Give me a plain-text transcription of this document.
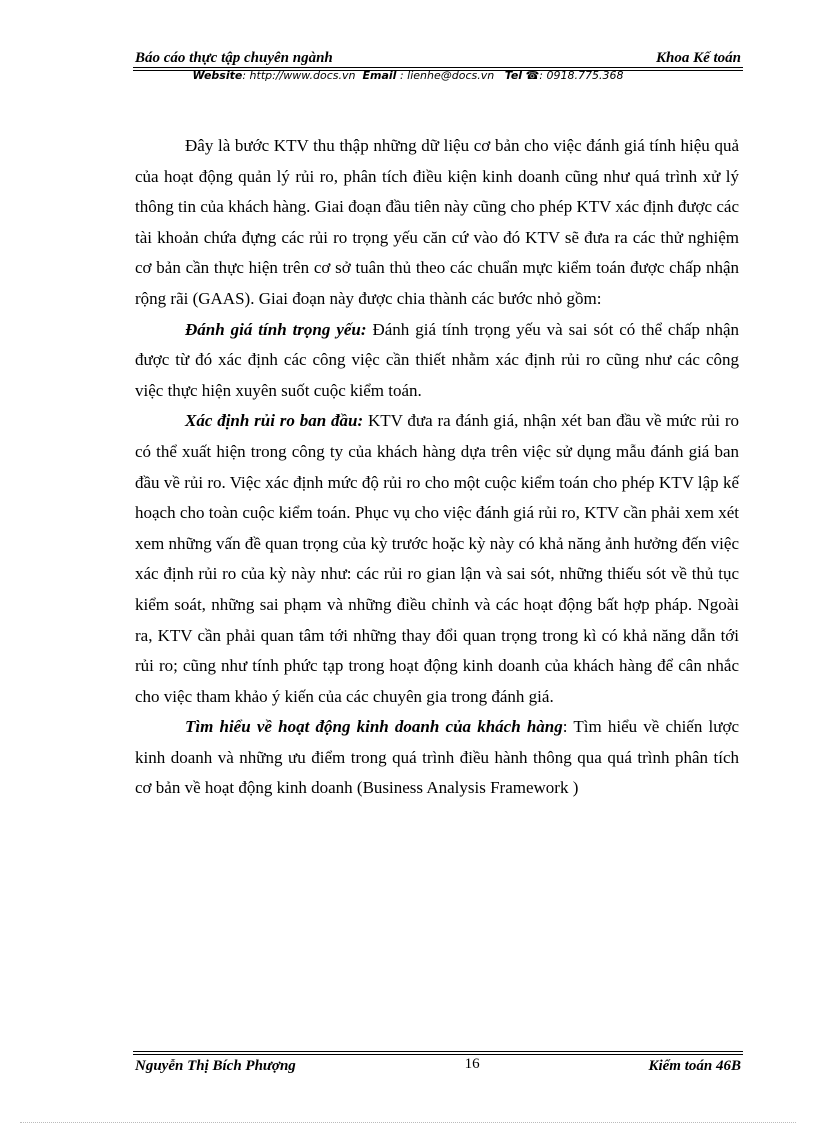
Báo cáo thực tập chuyên ngành	Khoa Kế toán
Website: http://www.docs.vn Email : lienhe@docs.vn Tel ☎: 0918.775.368

Đây là bước KTV thu thập những dữ liệu cơ bản cho việc đánh giá tính hiệu quả của hoạt động quản lý rủi ro, phân tích điều kiện kinh doanh cũng như quá trình xử lý thông tin của khách hàng. Giai đoạn đầu tiên này cũng cho phép KTV xác định được các tài khoản chứa đựng các rủi ro trọng yếu căn cứ vào đó KTV sẽ đưa ra các thử nghiệm cơ bản cần thực hiện trên cơ sở tuân thủ theo các chuẩn mực kiểm toán được chấp nhận rộng rãi (GAAS). Giai đoạn này được chia thành các bước nhỏ gồm:

Đánh giá tính trọng yếu: Đánh giá tính trọng yếu và sai sót có thể chấp nhận được từ đó xác định các công việc cần thiết nhằm xác định rủi ro cũng như các công việc thực hiện xuyên suốt cuộc kiểm toán.

Xác định rủi ro ban đầu: KTV đưa ra đánh giá, nhận xét ban đầu về mức rủi ro có thể xuất hiện trong công ty của khách hàng dựa trên việc sử dụng mẫu đánh giá ban đầu về rủi ro. Việc xác định mức độ rủi ro cho một cuộc kiểm toán cho phép KTV lập kế hoạch cho toàn cuộc kiểm toán. Phục vụ cho việc đánh giá rủi ro, KTV cần phải xem xét xem những vấn đề quan trọng của kỳ trước hoặc kỳ này có khả năng ảnh hưởng đến việc xác định rủi ro của kỳ này như: các rủi ro gian lận và sai sót, những thiếu sót về thủ tục kiểm soát, những sai phạm và những điều chỉnh và các hoạt động bất hợp pháp. Ngoài ra, KTV cần phải quan tâm tới những thay đổi quan trọng trong kì có khả năng dẫn tới rủi ro; cũng như tính phức tạp trong hoạt động kinh doanh của khách hàng để cân nhắc cho việc tham khảo ý kiến của các chuyên gia trong đánh giá.

Tìm hiểu về hoạt động kinh doanh của khách hàng: Tìm hiểu về chiến lược kinh doanh và những ưu điểm trong quá trình điều hành thông qua quá trình phân tích cơ bản về hoạt động kinh doanh (Business Analysis Framework )

Nguyễn Thị Bích Phượng	16	Kiểm toán 46B
